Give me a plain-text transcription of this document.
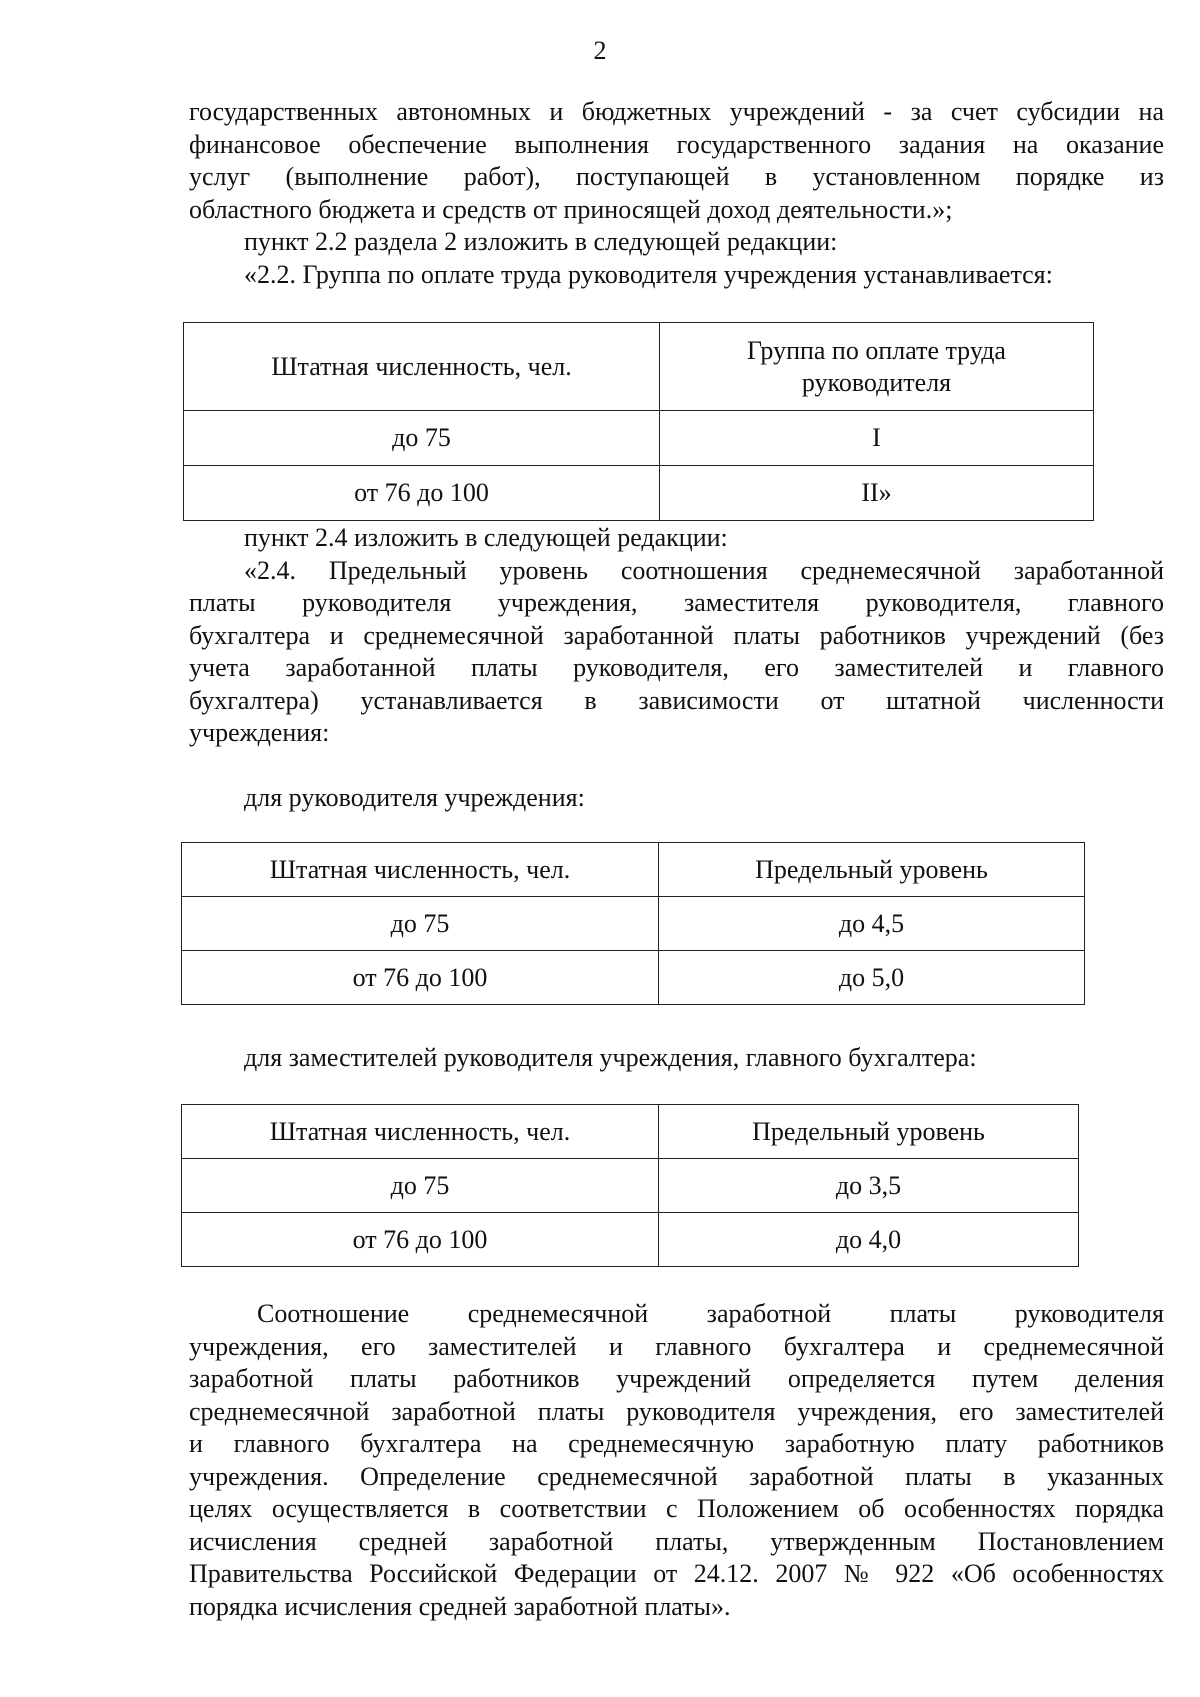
2
государственных автономных и бюджетных учреждений - за счет субсидии на
финансовое обеспечение выполнения государственного задания на оказание
услуг (выполнение работ), поступающей в установленном порядке из
областного бюджета и средств от приносящей доход деятельности.»;
пункт 2.2 раздела 2 изложить в следующей редакции:
«2.2. Группа по оплате труда руководителя учреждения устанавливается:
Штатная численность, чел.	Группа по оплате труда руководителя
до 75	I
от 76 до 100	II»
пункт 2.4 изложить в следующей редакции:
«2.4. Предельный уровень соотношения среднемесячной заработанной
платы руководителя учреждения, заместителя руководителя, главного
бухгалтера и среднемесячной заработанной платы работников учреждений (без
учета заработанной платы руководителя, его заместителей и главного
бухгалтера) устанавливается в зависимости от штатной численности
учреждения:
для руководителя учреждения:
Штатная численность, чел.	Предельный уровень
до 75	до 4,5
от 76 до 100	до 5,0
для заместителей руководителя учреждения, главного бухгалтера:
Штатная численность, чел.	Предельный уровень
до 75	до 3,5
от 76 до 100	до 4,0
Соотношение среднемесячной заработной платы руководителя
учреждения, его заместителей и главного бухгалтера и среднемесячной
заработной платы работников учреждений определяется путем деления
среднемесячной заработной платы руководителя учреждения, его заместителей
и главного бухгалтера на среднемесячную заработную плату работников
учреждения. Определение среднемесячной заработной платы в указанных
целях осуществляется в соответствии с Положением об особенностях порядка
исчисления средней заработной платы, утвержденным Постановлением
Правительства Российской Федерации от 24.12. 2007 № 922 «Об особенностях
порядка исчисления средней заработной платы».
